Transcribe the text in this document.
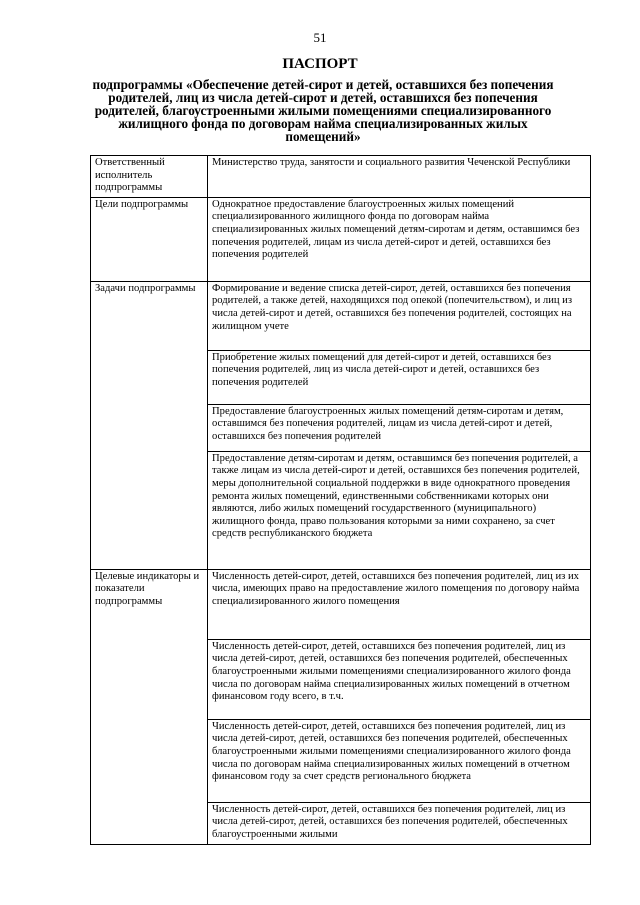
51
ПАСПОРТ
подпрограммы «Обеспечение детей-сирот и детей, оставшихся без попечения родителей, лиц из числа детей-сирот и детей, оставшихся без попечения родителей, благоустроенными жилыми помещениями специализированного жилищного фонда по договорам найма специализированных жилых помещений»
Ответственный исполнитель подпрограммы	Министерство труда, занятости и социального развития Чеченской Республики
Цели подпрограммы	Однократное предоставление благоустроенных жилых помещений специализированного жилищного фонда по договорам найма специализированных жилых помещений детям-сиротам и детям, оставшимся без попечения родителей, лицам из числа детей-сирот и детей, оставшихся без попечения родителей
Задачи подпрограммы	Формирование и ведение списка детей-сирот, детей, оставшихся без попечения родителей, а также детей, находящихся под опекой (попечительством), и лиц из числа детей-сирот и детей, оставшихся без попечения родителей, состоящих на жилищном учете
	Приобретение жилых помещений для детей-сирот и детей, оставшихся без попечения родителей, лиц из числа детей-сирот и детей, оставшихся без попечения родителей
	Предоставление благоустроенных жилых помещений детям-сиротам и детям, оставшимся без попечения родителей, лицам из числа детей-сирот и детей, оставшихся без попечения родителей
	Предоставление детям-сиротам и детям, оставшимся без попечения родителей, а также лицам из числа детей-сирот и детей, оставшихся без попечения родителей, меры дополнительной социальной поддержки в виде однократного проведения ремонта жилых помещений, единственными собственниками которых они являются, либо жилых помещений государственного (муниципального) жилищного фонда, право пользования которыми за ними сохранено, за счет средств республиканского бюджета
Целевые индикаторы и показатели подпрограммы	Численность детей-сирот, детей, оставшихся без попечения родителей, лиц из их числа, имеющих право на предоставление жилого помещения по договору найма специализированного жилого помещения
	Численность детей-сирот, детей, оставшихся без попечения родителей, лиц из числа детей-сирот, детей, оставшихся без попечения родителей, обеспеченных благоустроенными жилыми помещениями специализированного жилого фонда числа по договорам найма специализированных жилых помещений в отчетном финансовом году всего, в т.ч.
	Численность детей-сирот, детей, оставшихся без попечения родителей, лиц из числа детей-сирот, детей, оставшихся без попечения родителей, обеспеченных благоустроенными жилыми помещениями специализированного жилого фонда числа по договорам найма специализированных жилых помещений в отчетном финансовом году за счет средств регионального бюджета
	Численность детей-сирот, детей, оставшихся без попечения родителей, лиц из числа детей-сирот, детей, оставшихся без попечения родителей, обеспеченных благоустроенными жилыми
